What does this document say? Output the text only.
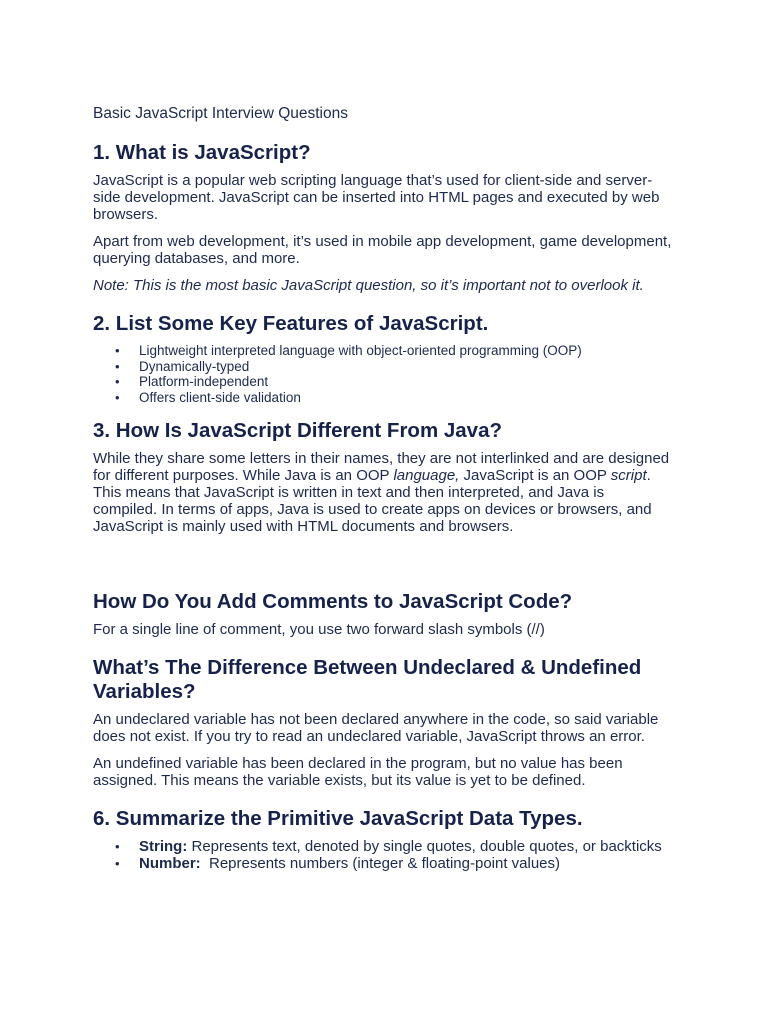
Basic JavaScript Interview Questions
1. What is JavaScript?

JavaScript is a popular web scripting language that’s used for client-side and server-side development. JavaScript can be inserted into HTML pages and executed by web browsers.

Apart from web development, it’s used in mobile app development, game development, querying databases, and more.

Note: This is the most basic JavaScript question, so it’s important not to overlook it.

2. List Some Key Features of JavaScript.
• Lightweight interpreted language with object-oriented programming (OOP)
• Dynamically-typed
• Platform-independent
• Offers client-side validation
3. How Is JavaScript Different From Java?

While they share some letters in their names, they are not interlinked and are designed for different purposes. While Java is an OOP language, JavaScript is an OOP script. This means that JavaScript is written in text and then interpreted, and Java is compiled. In terms of apps, Java is used to create apps on devices or browsers, and JavaScript is mainly used with HTML documents and browsers.

How Do You Add Comments to JavaScript Code?

For a single line of comment, you use two forward slash symbols (//)

What’s The Difference Between Undeclared & Undefined Variables?

An undeclared variable has not been declared anywhere in the code, so said variable does not exist. If you try to read an undeclared variable, JavaScript throws an error.

An undefined variable has been declared in the program, but no value has been assigned. This means the variable exists, but its value is yet to be defined.

6. Summarize the Primitive JavaScript Data Types.
• String: Represents text, denoted by single quotes, double quotes, or backticks
• Number:  Represents numbers (integer & floating-point values)
